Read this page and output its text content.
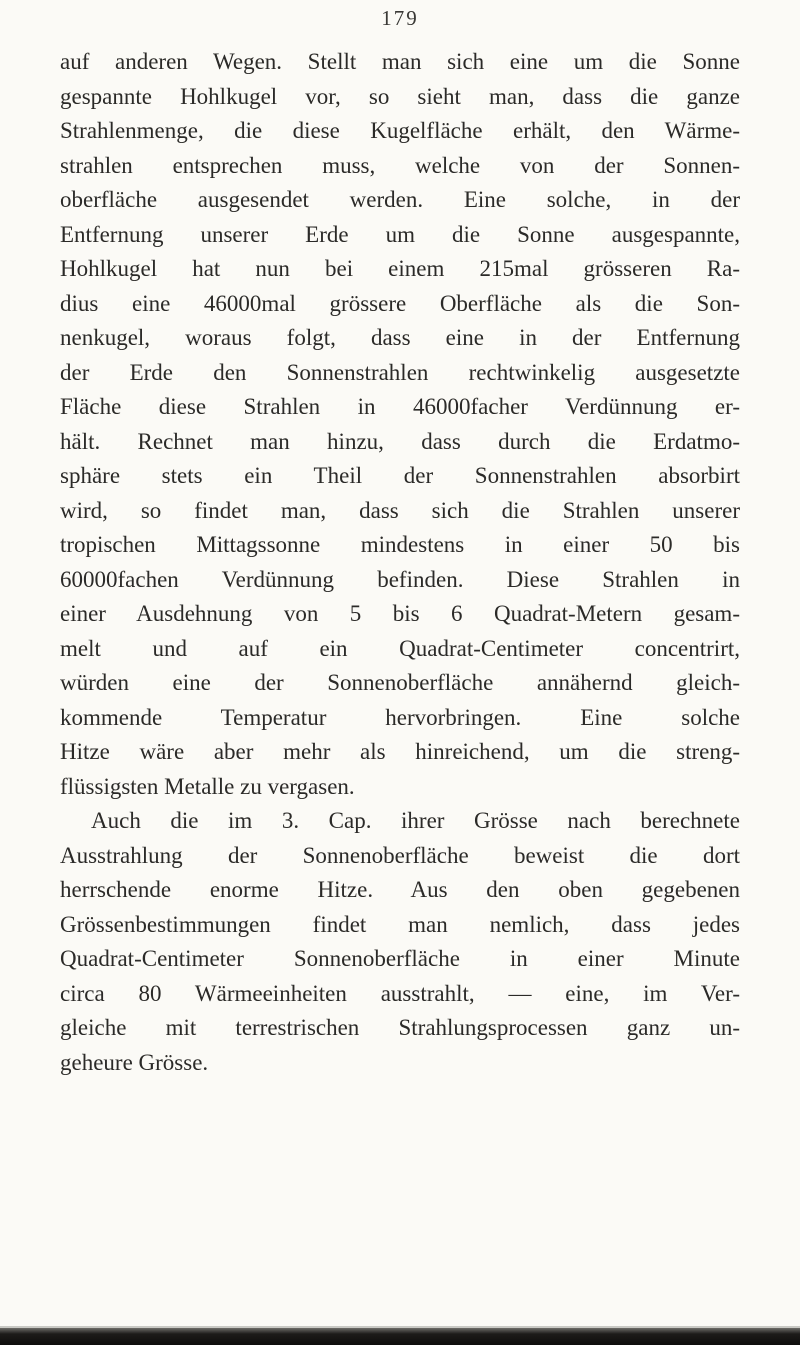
179
auf anderen Wegen. Stellt man sich eine um die Sonne
gespannte Hohlkugel vor, so sieht man, dass die ganze
Strahlenmenge, die diese Kugelfläche erhält, den Wärme-
strahlen entsprechen muss, welche von der Sonnen-
oberfläche ausgesendet werden. Eine solche, in der
Entfernung unserer Erde um die Sonne ausgespannte,
Hohlkugel hat nun bei einem 215mal grösseren Ra-
dius eine 46000mal grössere Oberfläche als die Son-
nenkugel, woraus folgt, dass eine in der Entfernung
der Erde den Sonnenstrahlen rechtwinkelig ausgesetzte
Fläche diese Strahlen in 46000facher Verdünnung er-
hält. Rechnet man hinzu, dass durch die Erdatmo-
sphäre stets ein Theil der Sonnenstrahlen absorbirt
wird, so findet man, dass sich die Strahlen unserer
tropischen Mittagssonne mindestens in einer 50 bis
60000fachen Verdünnung befinden. Diese Strahlen in
einer Ausdehnung von 5 bis 6 Quadrat-Metern gesam-
melt und auf ein Quadrat-Centimeter concentrirt,
würden eine der Sonnenoberfläche annähernd gleich-
kommende Temperatur hervorbringen. Eine solche
Hitze wäre aber mehr als hinreichend, um die streng-
flüssigsten Metalle zu vergasen.
Auch die im 3. Cap. ihrer Grösse nach berechnete
Ausstrahlung der Sonnenoberfläche beweist die dort
herrschende enorme Hitze. Aus den oben gegebenen
Grössenbestimmungen findet man nemlich, dass jedes
Quadrat-Centimeter Sonnenoberfläche in einer Minute
circa 80 Wärmeeinheiten ausstrahlt, — eine, im Ver-
gleiche mit terrestrischen Strahlungsprocessen ganz un-
geheure Grösse.
